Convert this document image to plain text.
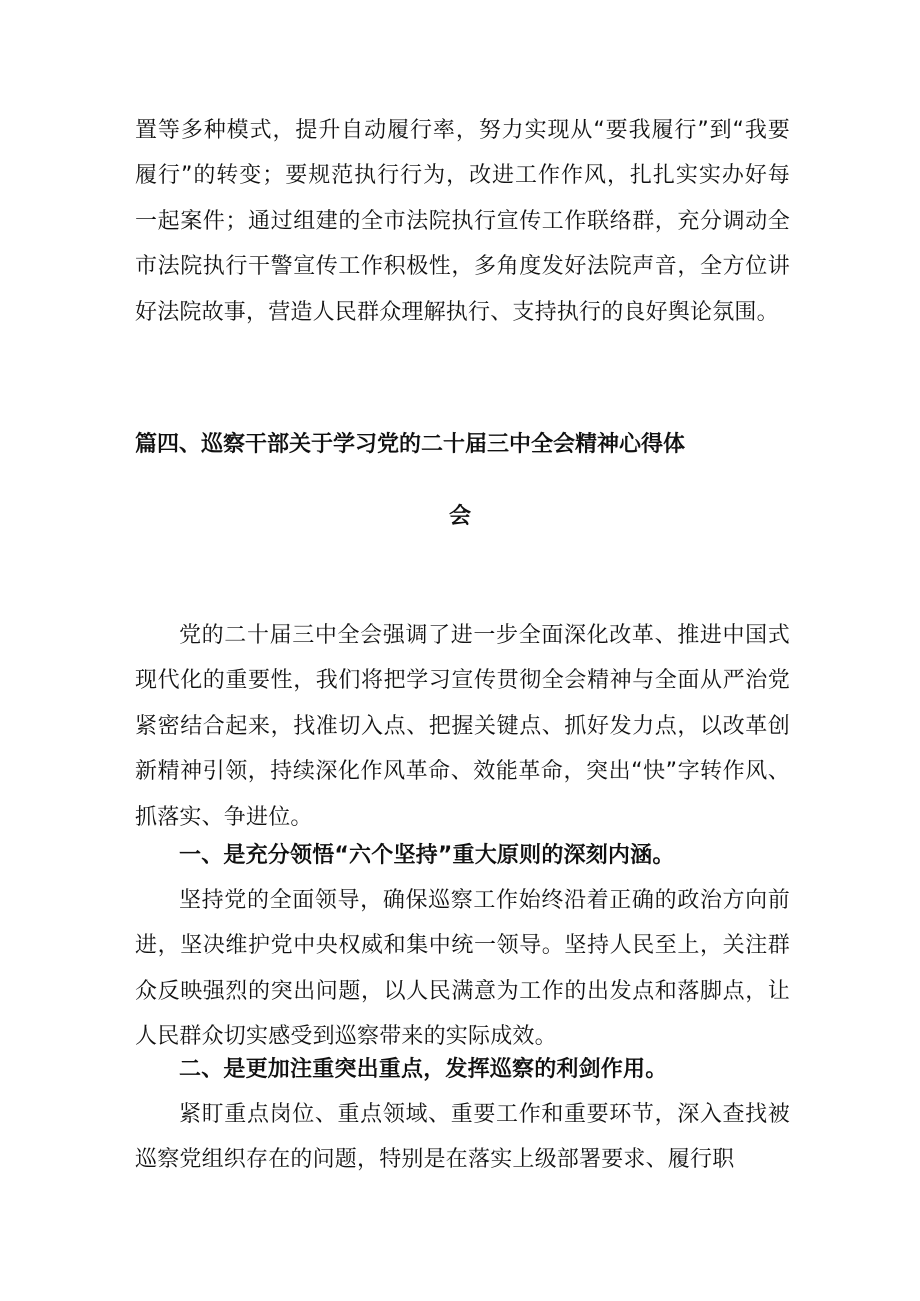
置等多种模式，提升自动履行率，努力实现从“要我履行”到“我要履行”的转变；要规范执行行为，改进工作作风，扎扎实实办好每一起案件；通过组建的全市法院执行宣传工作联络群，充分调动全市法院执行干警宣传工作积极性，多角度发好法院声音，全方位讲好法院故事，营造人民群众理解执行、支持执行的良好舆论氛围。

篇四、巡察干部关于学习党的二十届三中全会精神心得体

会

党的二十届三中全会强调了进一步全面深化改革、推进中国式现代化的重要性，我们将把学习宣传贯彻全会精神与全面从严治党紧密结合起来，找准切入点、把握关键点、抓好发力点，以改革创新精神引领，持续深化作风革命、效能革命，突出“快”字转作风、抓落实、争进位。

一、是充分领悟“六个坚持”重大原则的深刻内涵。

坚持党的全面领导，确保巡察工作始终沿着正确的政治方向前进，坚决维护党中央权威和集中统一领导。坚持人民至上，关注群众反映强烈的突出问题，以人民满意为工作的出发点和落脚点，让人民群众切实感受到巡察带来的实际成效。

二、是更加注重突出重点，发挥巡察的利剑作用。

紧盯重点岗位、重点领域、重要工作和重要环节，深入查找被巡察党组织存在的问题，特别是在落实上级部署要求、履行职
